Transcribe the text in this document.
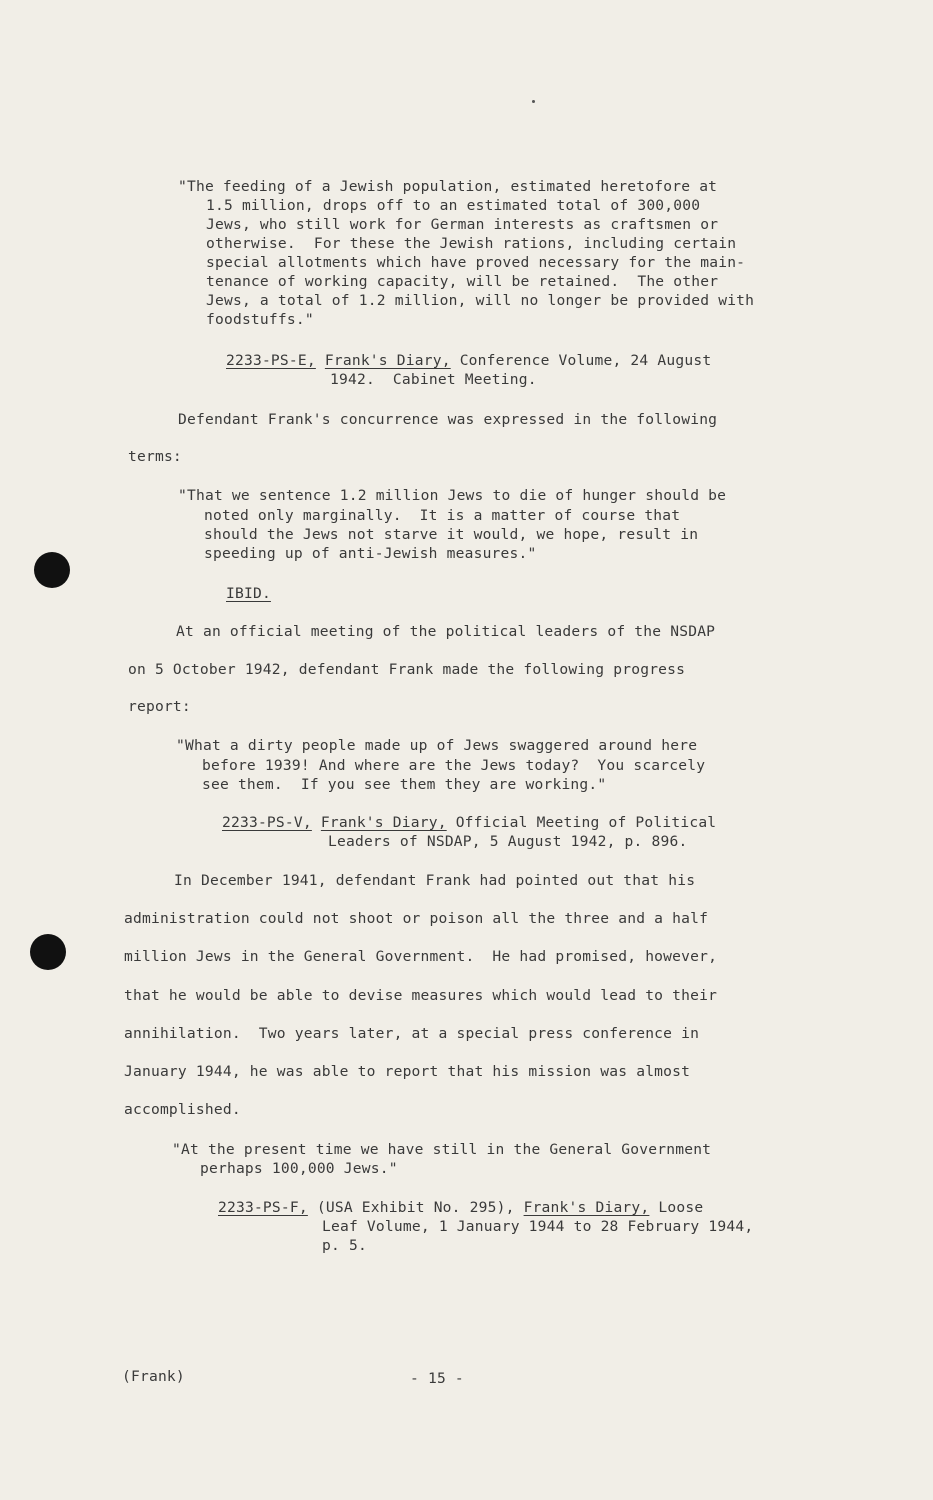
"The feeding of a Jewish population, estimated heretofore at
1.5 million, drops off to an estimated total of 300,000
Jews, who still work for German interests as craftsmen or
otherwise.  For these the Jewish rations, including certain
special allotments which have proved necessary for the main-
tenance of working capacity, will be retained.  The other
Jews, a total of 1.2 million, will no longer be provided with
foodstuffs."
2233-PS-E, Frank's Diary, Conference Volume, 24 August
1942.  Cabinet Meeting.
Defendant Frank's concurrence was expressed in the following
terms:
"That we sentence 1.2 million Jews to die of hunger should be
noted only marginally.  It is a matter of course that
should the Jews not starve it would, we hope, result in
speeding up of anti-Jewish measures."
IBID.
At an official meeting of the political leaders of the NSDAP
on 5 October 1942, defendant Frank made the following progress
report:
"What a dirty people made up of Jews swaggered around here
before 1939! And where are the Jews today?  You scarcely
see them.  If you see them they are working."
2233-PS-V, Frank's Diary, Official Meeting of Political
Leaders of NSDAP, 5 August 1942, p. 896.
In December 1941, defendant Frank had pointed out that his
administration could not shoot or poison all the three and a half
million Jews in the General Government.  He had promised, however,
that he would be able to devise measures which would lead to their
annihilation.  Two years later, at a special press conference in
January 1944, he was able to report that his mission was almost
accomplished.
"At the present time we have still in the General Government
perhaps 100,000 Jews."
2233-PS-F, (USA Exhibit No. 295), Frank's Diary, Loose
Leaf Volume, 1 January 1944 to 28 February 1944,
p. 5.
(Frank)	- 15 -
